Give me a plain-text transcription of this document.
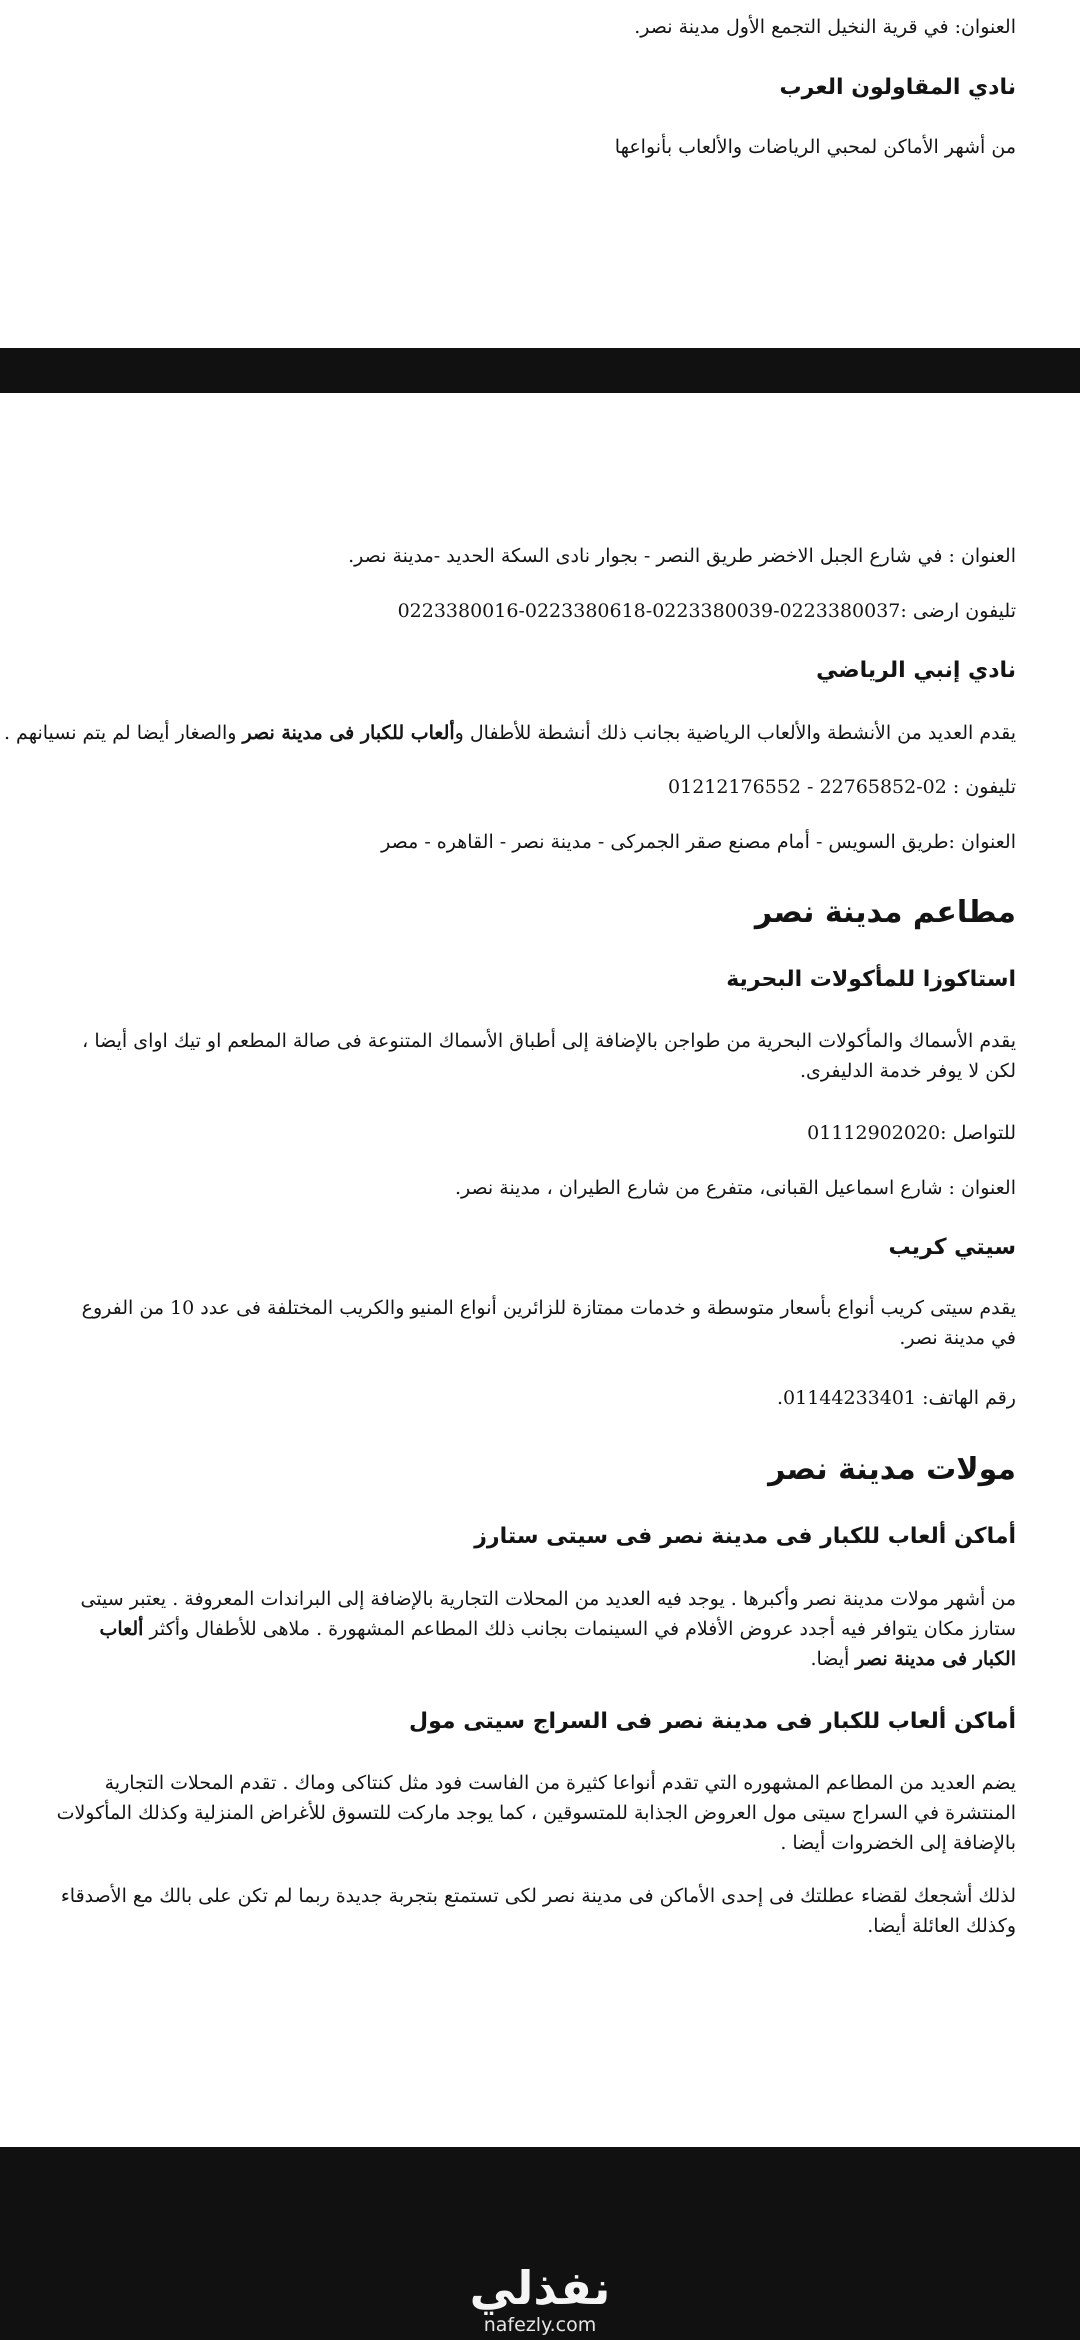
العنوان: في قرية النخيل التجمع الأول مدينة نصر.

نادي المقاولون العرب

من أشهر الأماكن لمحبي الرياضات والألعاب بأنواعها

العنوان : في شارع الجبل الاخضر طريق النصر - بجوار نادى السكة الحديد -مدينة نصر.

تليفون ارضى :0223380037-0223380039-0223380618-0223380016

نادي إنبي الرياضي

يقدم العديد من الأنشطة والألعاب الرياضية بجانب ذلك أنشطة للأطفال وألعاب للكبار فى مدينة نصر والصغار أيضا لم يتم نسيانهم .

تليفون : 02-22765852 - 01212176552

العنوان :طريق السويس - أمام مصنع صقر الجمركى - مدينة نصر - القاهره - مصر

مطاعم مدينة نصر

استاكوزا للمأكولات البحرية

يقدم الأسماك والمأكولات البحرية من طواجن بالإضافة إلى أطباق الأسماك المتنوعة فى صالة المطعم او تيك اواى أيضا ، لكن لا يوفر خدمة الدليفرى.

للتواصل :01112902020

العنوان : شارع اسماعيل القبانى، متفرع من شارع الطيران ، مدينة نصر.

سيتي كريب

يقدم سيتى كريب أنواع بأسعار متوسطة و خدمات ممتازة للزائرين أنواع المنيو والكريب المختلفة فى عدد 10 من الفروع في مدينة نصر.

رقم الهاتف: 01144233401.

مولات مدينة نصر

أماكن ألعاب للكبار فى مدينة نصر فى سيتى ستارز

من أشهر مولات مدينة نصر وأكبرها . يوجد فيه العديد من المحلات التجارية بالإضافة إلى البراندات المعروفة . يعتبر سيتى ستارز مكان يتوافر فيه أجدد عروض الأفلام في السينمات بجانب ذلك المطاعم المشهورة . ملاهى للأطفال وأكثر ألعاب الكبار فى مدينة نصر أيضا.

أماكن ألعاب للكبار فى مدينة نصر فى السراج سيتى مول

يضم العديد من المطاعم المشهوره التي تقدم أنواعا كثيرة من الفاست فود مثل كنتاكى وماك . تقدم المحلات التجارية المنتشرة في السراج سيتى مول العروض الجذابة للمتسوقين ، كما يوجد ماركت للتسوق للأغراض المنزلية وكذلك المأكولات بالإضافة إلى الخضروات أيضا .

لذلك أشجعك لقضاء عطلتك فى إحدى الأماكن فى مدينة نصر لكى تستمتع بتجربة جديدة ربما لم تكن على بالك مع الأصدقاء وكذلك العائلة أيضا.

نفذلي
nafezly.com
